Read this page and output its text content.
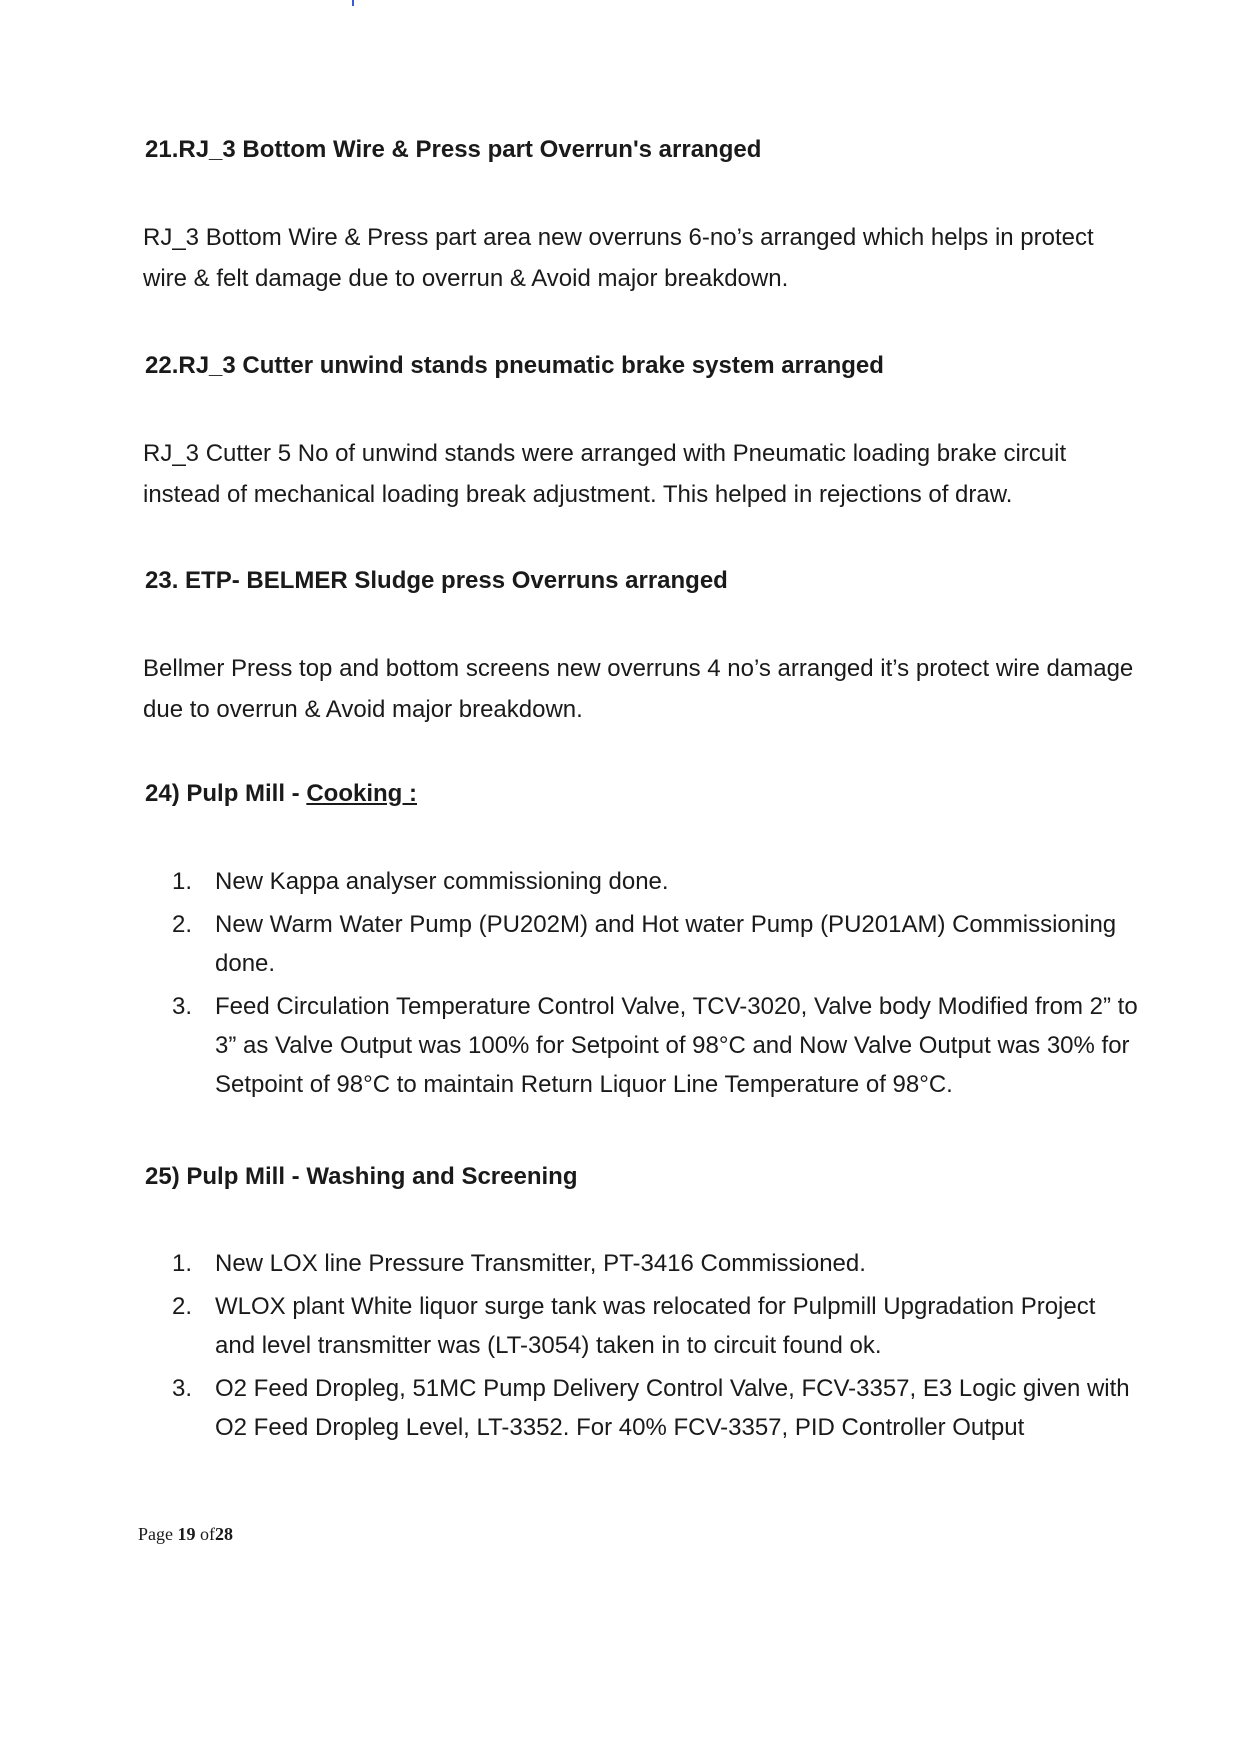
21.RJ_3 Bottom Wire & Press part Overrun's arranged
RJ_3 Bottom Wire & Press part area new overruns 6-no’s arranged which helps in protect wire & felt damage due to overrun & Avoid major breakdown.
22.RJ_3 Cutter unwind stands pneumatic brake system arranged
RJ_3 Cutter 5 No of unwind stands were arranged with Pneumatic loading brake circuit instead of mechanical loading break adjustment. This helped in rejections of draw.
23. ETP- BELMER Sludge press Overruns arranged
Bellmer Press top and bottom screens new overruns 4 no’s arranged it’s protect wire damage due to overrun & Avoid major breakdown.
24) Pulp Mill - Cooking :
1. New Kappa analyser commissioning done.
2. New Warm Water Pump (PU202M) and Hot water Pump (PU201AM) Commissioning done.
3. Feed Circulation Temperature Control Valve, TCV-3020, Valve body Modified from 2” to 3” as Valve Output was 100% for Setpoint of 98°C and Now Valve Output was 30% for Setpoint of 98°C to maintain Return Liquor Line Temperature of 98°C.
25) Pulp Mill - Washing and Screening
1. New LOX line Pressure Transmitter, PT-3416 Commissioned.
2. WLOX plant White liquor surge tank was relocated for Pulpmill Upgradation Project and level transmitter was (LT-3054) taken in to circuit found ok.
3. O2 Feed Dropleg, 51MC Pump Delivery Control Valve, FCV-3357, E3 Logic given with O2 Feed Dropleg Level, LT-3352. For 40% FCV-3357, PID Controller Output
Page 19 of28
